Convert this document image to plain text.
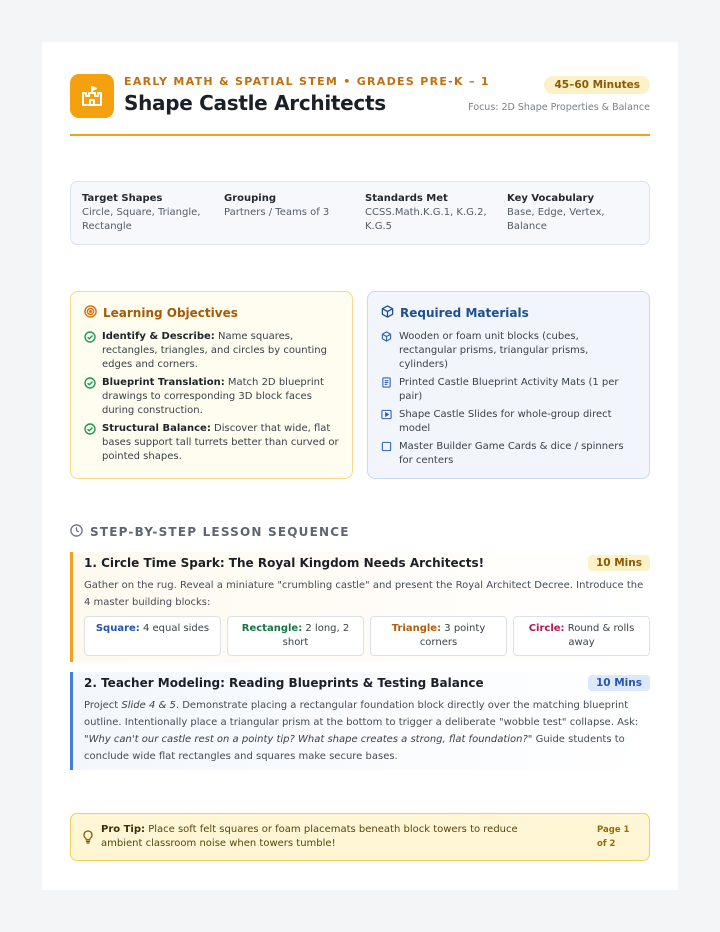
EARLY MATH & SPATIAL STEM • GRADES PRE-K – 1
Shape Castle Architects
45–60 Minutes
Focus: 2D Shape Properties & Balance
Target Shapes
Circle, Square, Triangle, Rectangle
Grouping
Partners / Teams of 3
Standards Met
CCSS.Math.K.G.1, K.G.2, K.G.5
Key Vocabulary
Base, Edge, Vertex, Balance
Learning Objectives
Identify & Describe: Name squares, rectangles, triangles, and circles by counting edges and corners.
Blueprint Translation: Match 2D blueprint drawings to corresponding 3D block faces during construction.
Structural Balance: Discover that wide, flat bases support tall turrets better than curved or pointed shapes.
Required Materials
Wooden or foam unit blocks (cubes, rectangular prisms, triangular prisms, cylinders)
Printed Castle Blueprint Activity Mats (1 per pair)
Shape Castle Slides for whole-group direct model
Master Builder Game Cards & dice / spinners for centers
STEP-BY-STEP LESSON SEQUENCE
1. Circle Time Spark: The Royal Kingdom Needs Architects!	10 Mins
Gather on the rug. Reveal a miniature "crumbling castle" and present the Royal Architect Decree. Introduce the 4 master building blocks:
Square: 4 equal sides	Rectangle: 2 long, 2 short
Triangle: 3 pointy corners
Circle: Round & rolls away
2. Teacher Modeling: Reading Blueprints & Testing Balance	10 Mins
Project Slide 4 & 5. Demonstrate placing a rectangular foundation block directly over the matching blueprint outline. Intentionally place a triangular prism at the bottom to trigger a deliberate "wobble test" collapse. Ask: "Why can't our castle rest on a pointy tip? What shape creates a strong, flat foundation?" Guide students to conclude wide flat rectangles and squares make secure bases.
Pro Tip: Place soft felt squares or foam placemats beneath block towers to reduce ambient classroom noise when towers tumble!
Page 1 of 2
